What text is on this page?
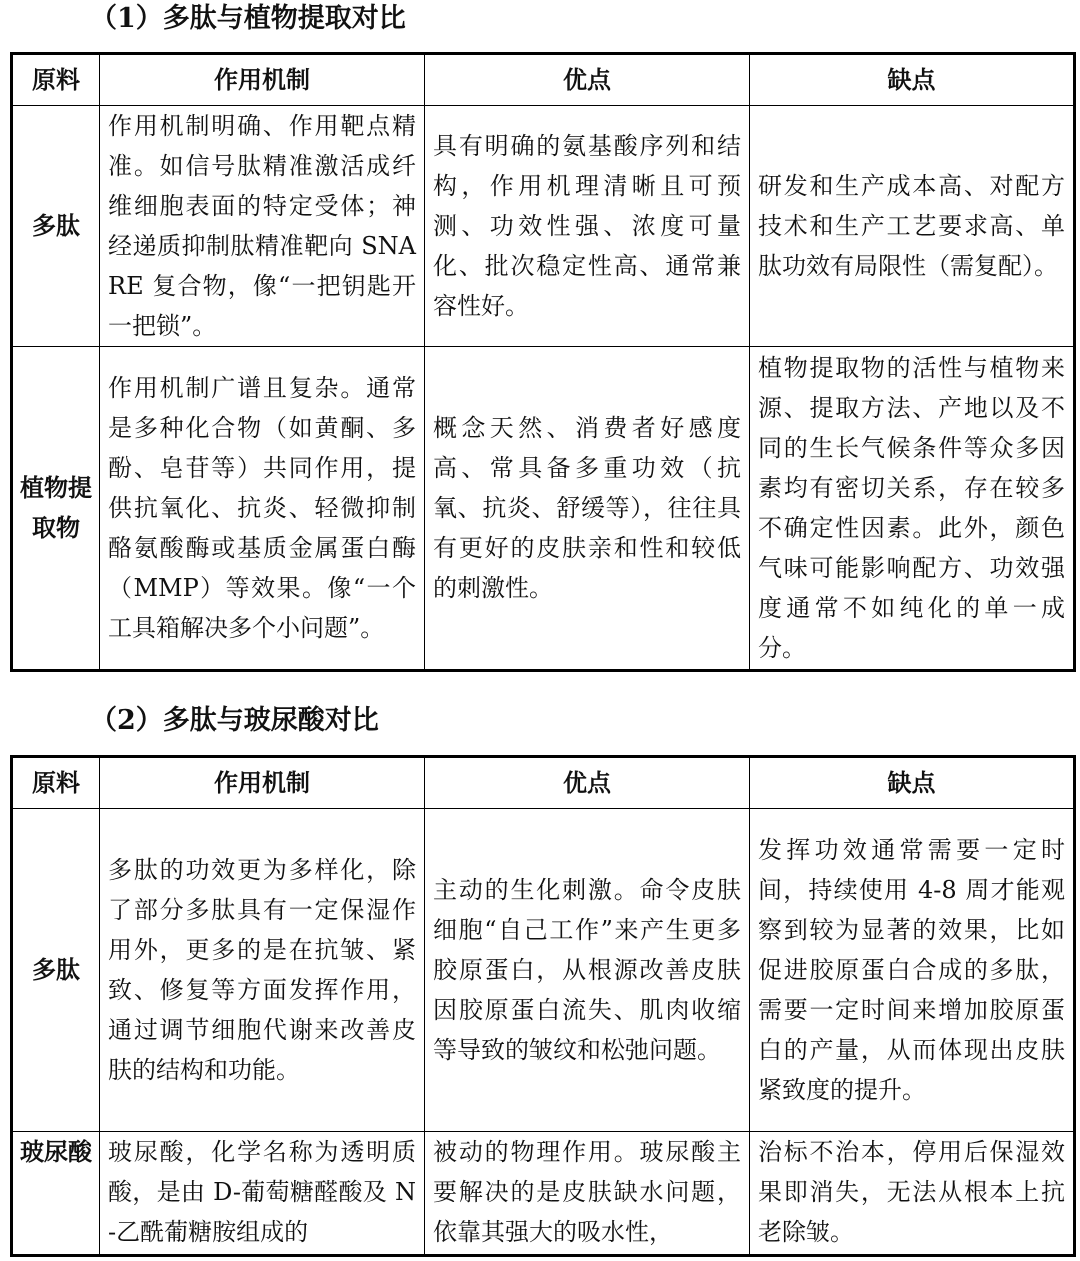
（1）多肽与植物提取对比
原料	作用机制	优点	缺点
多肽	作用机制明确、作用靶点精准。如信号肽精准激活成纤维细胞表面的特定受体；神经递质抑制肽精准靶向 SNARE 复合物，像“一把钥匙开一把锁”。	具有明确的氨基酸序列和结构，作用机理清晰且可预测、功效性强、浓度可量化、批次稳定性高、通常兼容性好。	研发和生产成本高、对配方技术和生产工艺要求高、单肽功效有局限性（需复配）。
植物提取物	作用机制广谱且复杂。通常是多种化合物（如黄酮、多酚、皂苷等）共同作用，提供抗氧化、抗炎、轻微抑制酪氨酸酶或基质金属蛋白酶（MMP）等效果。像“一个工具箱解决多个小问题”。	概念天然、消费者好感度高、常具备多重功效（抗氧、抗炎、舒缓等），往往具有更好的皮肤亲和性和较低的刺激性。	植物提取物的活性与植物来源、提取方法、产地以及不同的生长气候条件等众多因素均有密切关系，存在较多不确定性因素。此外，颜色气味可能影响配方、功效强度通常不如纯化的单一成分。
（2）多肽与玻尿酸对比
原料	作用机制	优点	缺点
多肽	多肽的功效更为多样化，除了部分多肽具有一定保湿作用外，更多的是在抗皱、紧致、修复等方面发挥作用，通过调节细胞代谢来改善皮肤的结构和功能。	主动的生化刺激。命令皮肤细胞“自己工作”来产生更多胶原蛋白，从根源改善皮肤因胶原蛋白流失、肌肉收缩等导致的皱纹和松弛问题。	发挥功效通常需要一定时间，持续使用 4-8 周才能观察到较为显著的效果，比如促进胶原蛋白合成的多肽，需要一定时间来增加胶原蛋白的产量，从而体现出皮肤紧致度的提升。
玻尿酸	玻尿酸，化学名称为透明质酸，是由 D-葡萄糖醛酸及 N-乙酰葡糖胺组成的	被动的物理作用。玻尿酸主要解决的是皮肤缺水问题，依靠其强大的吸水性，	治标不治本，停用后保湿效果即消失，无法从根本上抗老除皱。
